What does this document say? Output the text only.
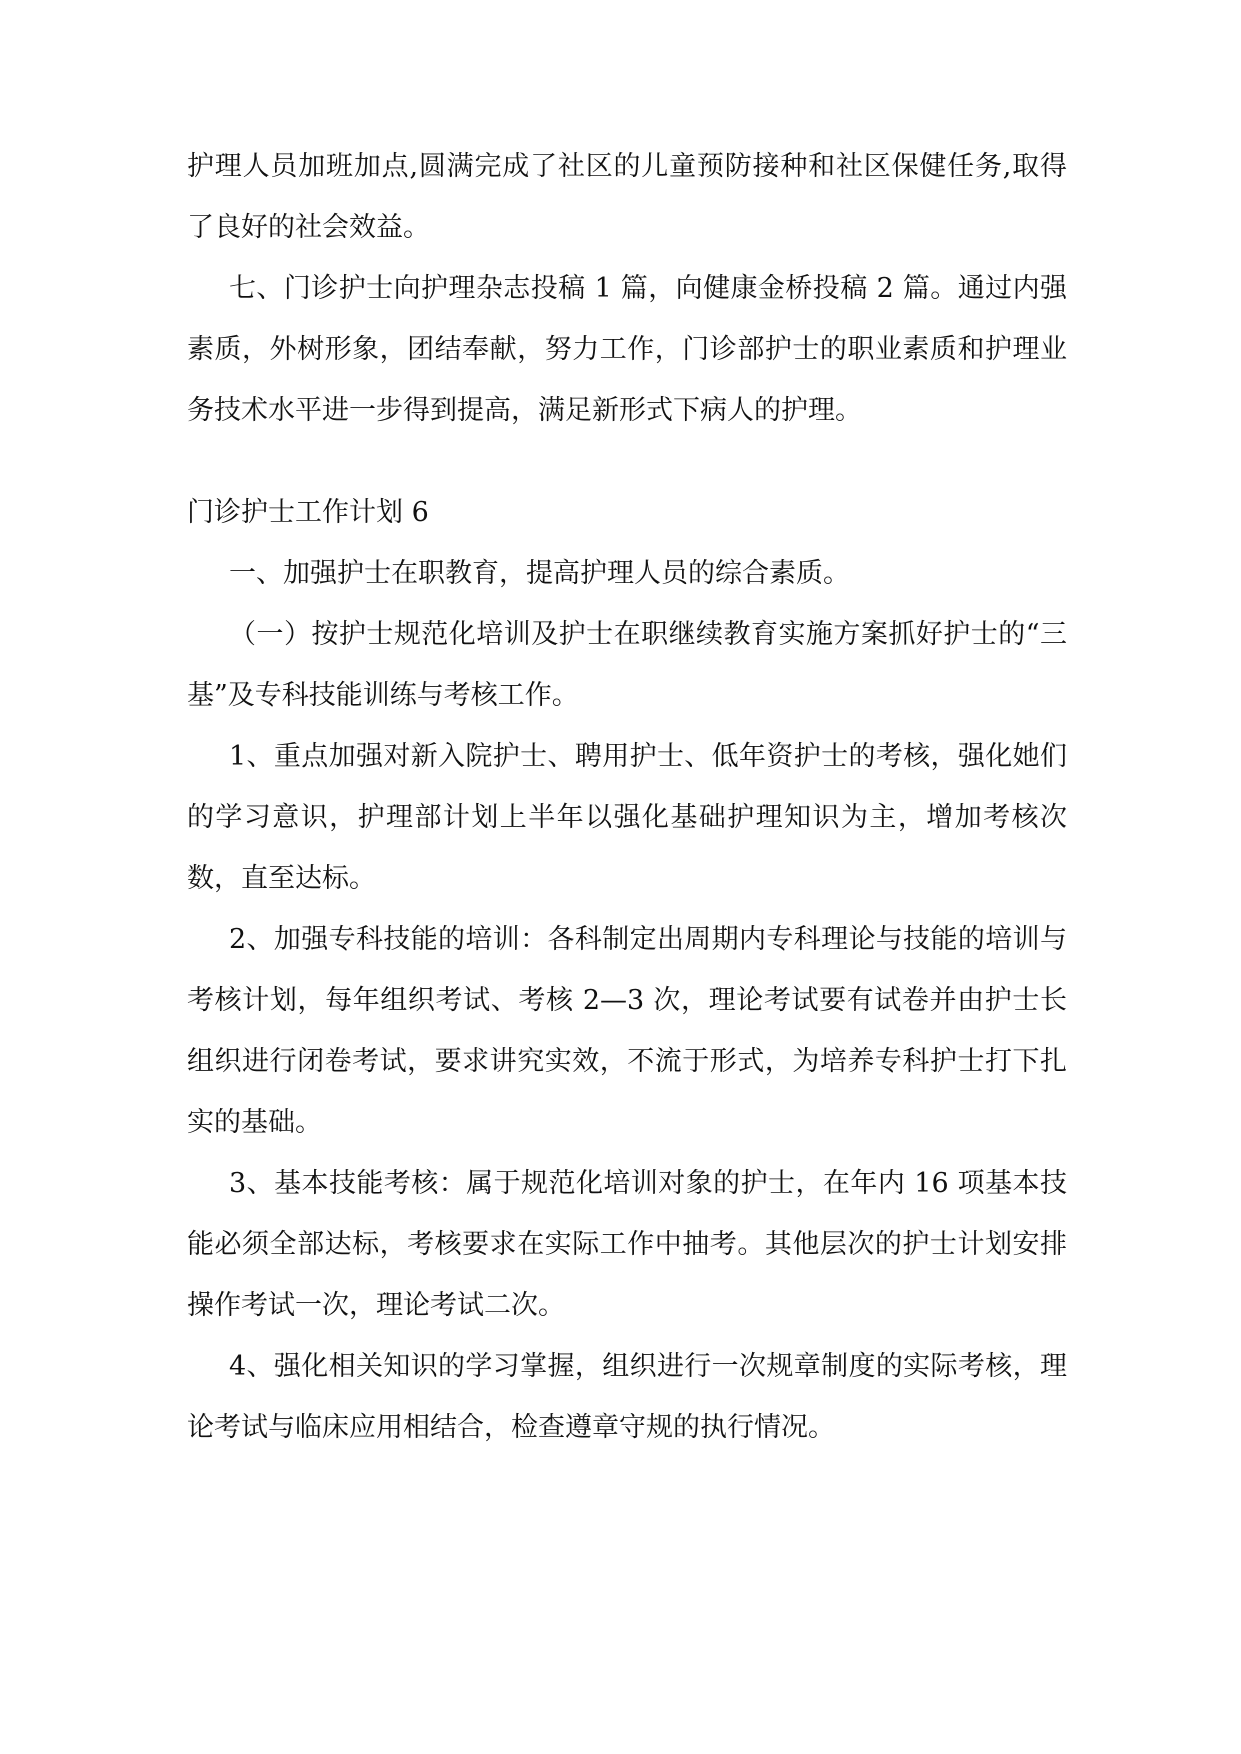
护理人员加班加点,圆满完成了社区的儿童预防接种和社区保健任务,取得了良好的社会效益。

七、门诊护士向护理杂志投稿 1 篇，向健康金桥投稿 2 篇。通过内强素质，外树形象，团结奉献，努力工作，门诊部护士的职业素质和护理业务技术水平进一步得到提高，满足新形式下病人的护理。

门诊护士工作计划 6

一、加强护士在职教育，提高护理人员的综合素质。

（一）按护士规范化培训及护士在职继续教育实施方案抓好护士的“三基”及专科技能训练与考核工作。

1、重点加强对新入院护士、聘用护士、低年资护士的考核，强化她们的学习意识，护理部计划上半年以强化基础护理知识为主，增加考核次数，直至达标。

2、加强专科技能的培训：各科制定出周期内专科理论与技能的培训与考核计划，每年组织考试、考核 2—3 次，理论考试要有试卷并由护士长组织进行闭卷考试，要求讲究实效，不流于形式，为培养专科护士打下扎实的基础。

3、基本技能考核：属于规范化培训对象的护士，在年内 16 项基本技能必须全部达标，考核要求在实际工作中抽考。其他层次的护士计划安排操作考试一次，理论考试二次。

4、强化相关知识的学习掌握，组织进行一次规章制度的实际考核，理论考试与临床应用相结合，检查遵章守规的执行情况。
